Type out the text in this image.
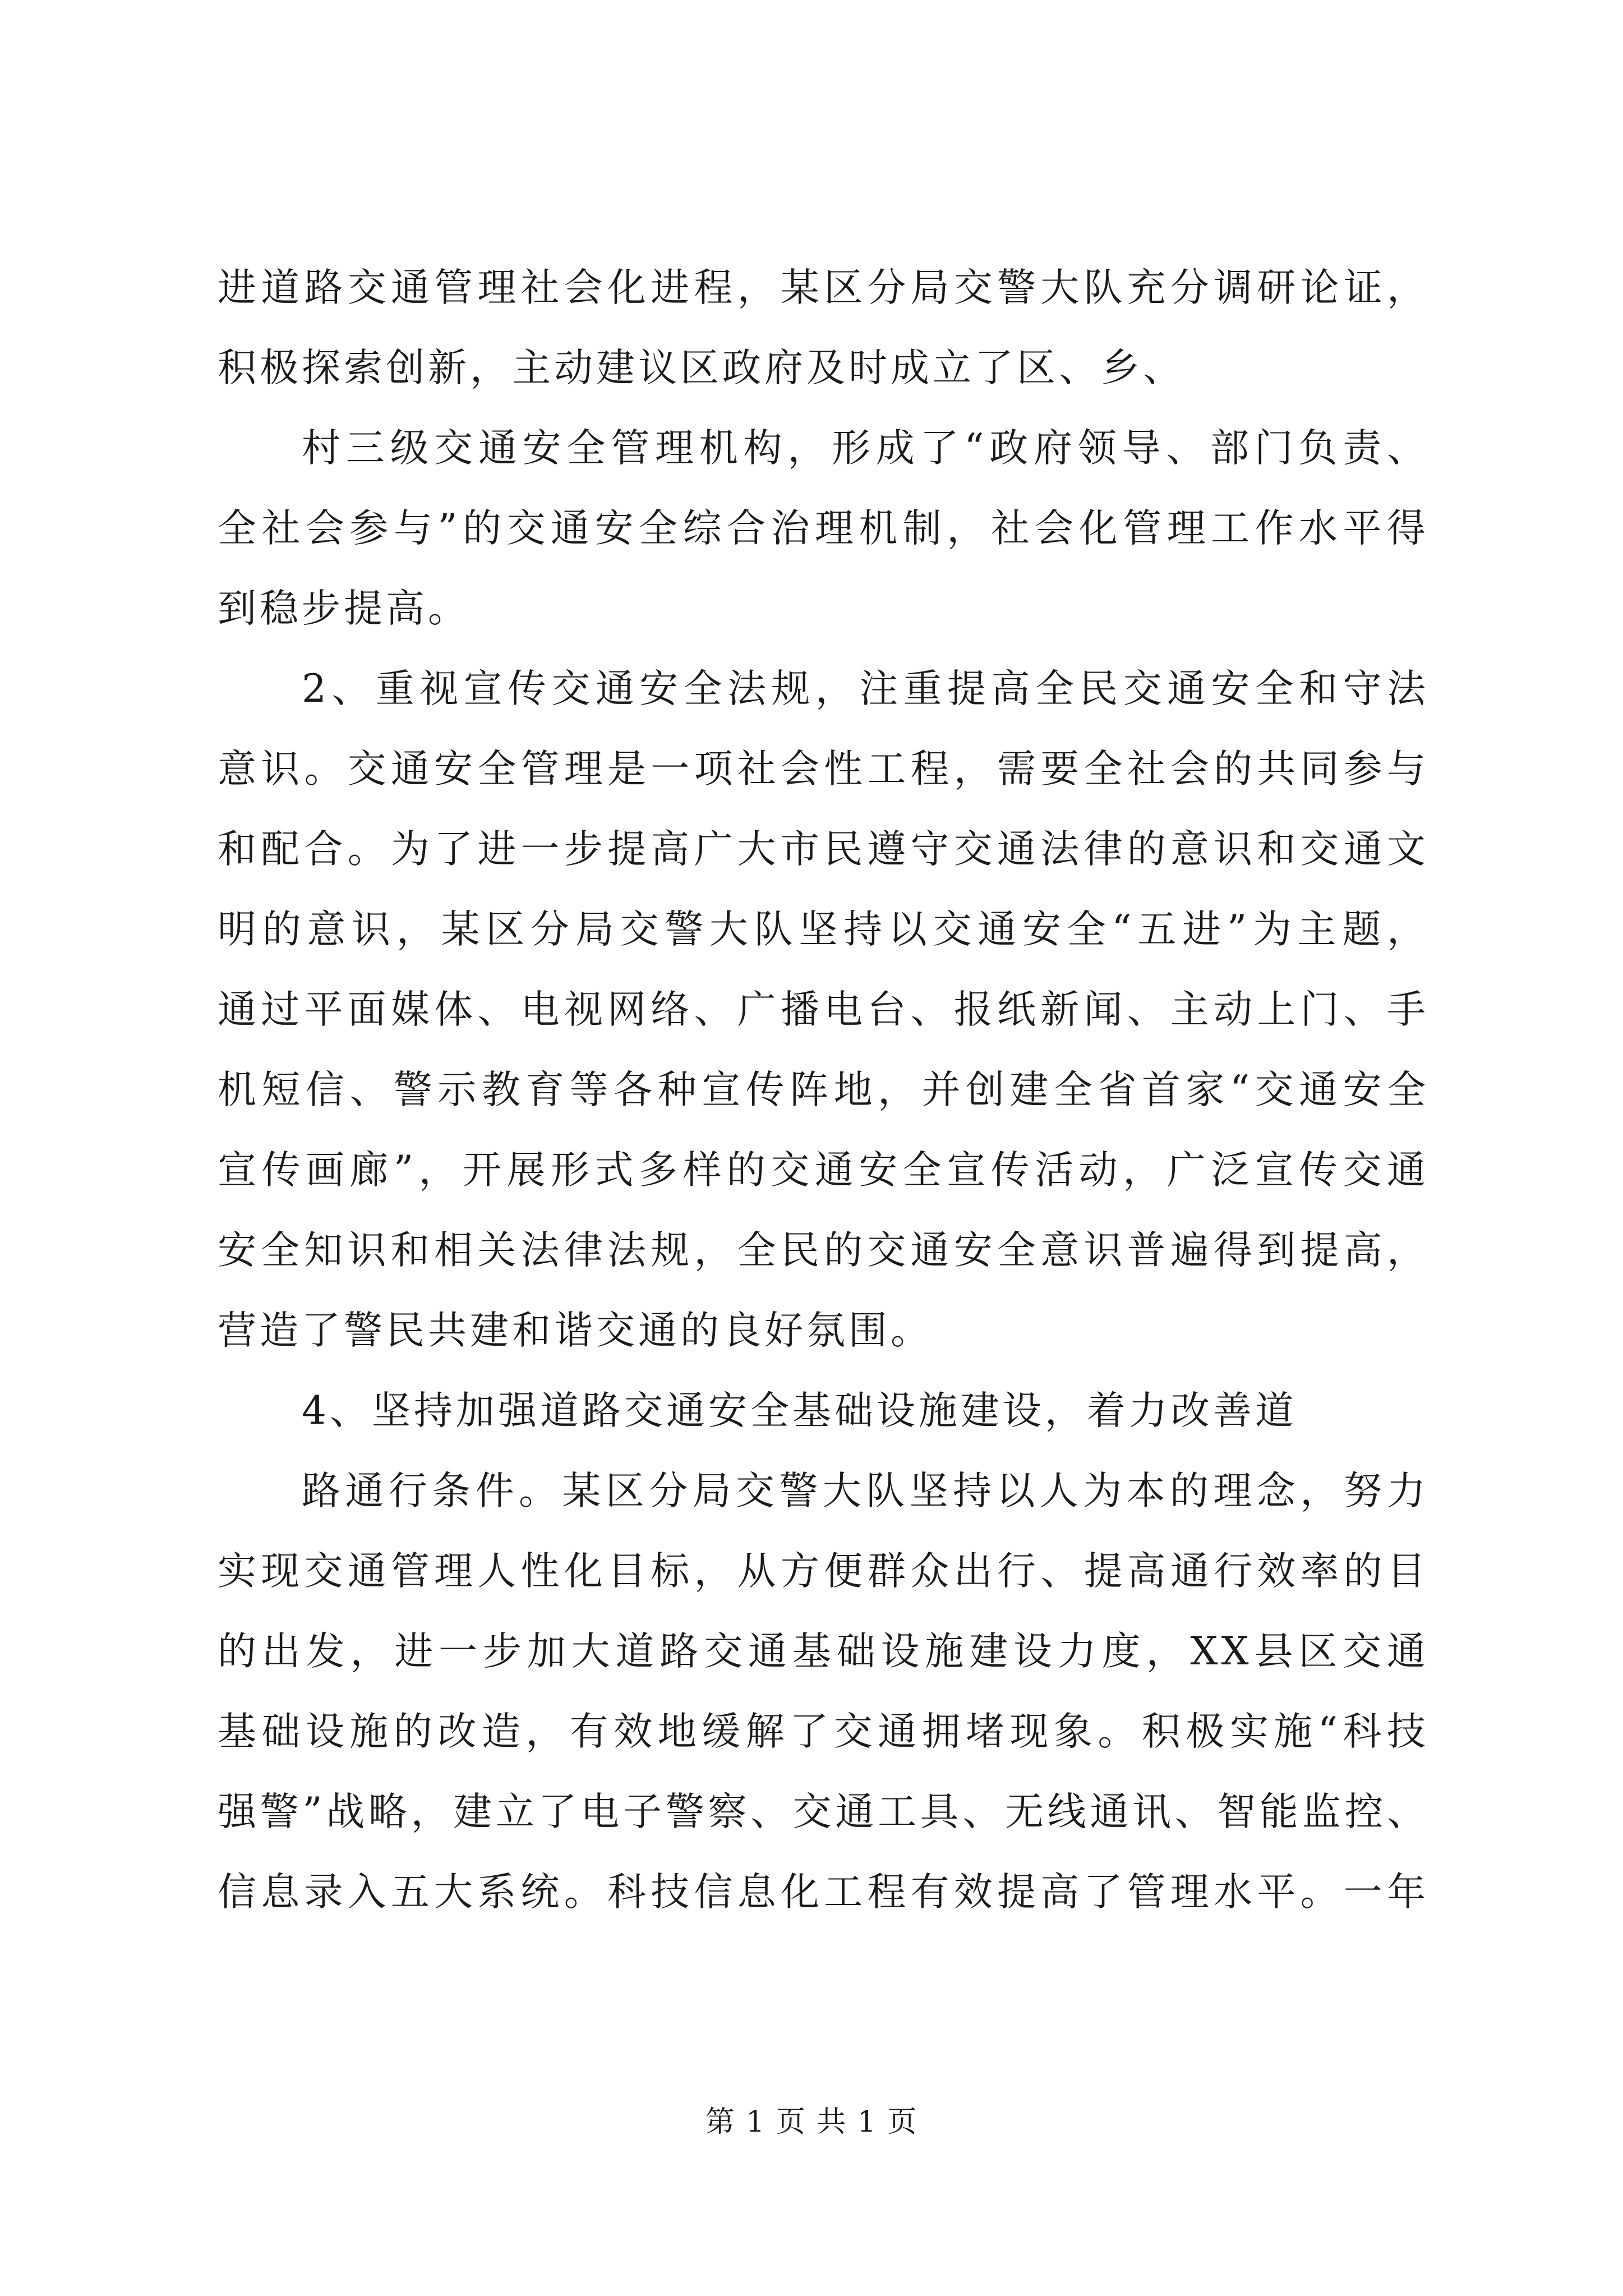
进道路交通管理社会化进程，某区分局交警大队充分调研论证，
积极探索创新，主动建议区政府及时成立了区、乡、
村三级交通安全管理机构，形成了“政府领导、部门负责、
全社会参与”的交通安全综合治理机制，社会化管理工作水平得
到稳步提高。
2、重视宣传交通安全法规，注重提高全民交通安全和守法
意识。交通安全管理是一项社会性工程，需要全社会的共同参与
和配合。为了进一步提高广大市民遵守交通法律的意识和交通文
明的意识，某区分局交警大队坚持以交通安全“五进”为主题，
通过平面媒体、电视网络、广播电台、报纸新闻、主动上门、手
机短信、警示教育等各种宣传阵地，并创建全省首家“交通安全
宣传画廊”，开展形式多样的交通安全宣传活动，广泛宣传交通
安全知识和相关法律法规，全民的交通安全意识普遍得到提高，
营造了警民共建和谐交通的良好氛围。
4、坚持加强道路交通安全基础设施建设，着力改善道
路通行条件。某区分局交警大队坚持以人为本的理念，努力
实现交通管理人性化目标，从方便群众出行、提高通行效率的目
的出发，进一步加大道路交通基础设施建设力度，XX县区交通
基础设施的改造，有效地缓解了交通拥堵现象。积极实施“科技
强警”战略，建立了电子警察、交通工具、无线通讯、智能监控、
信息录入五大系统。科技信息化工程有效提高了管理水平。一年
第 1 页 共 1 页
